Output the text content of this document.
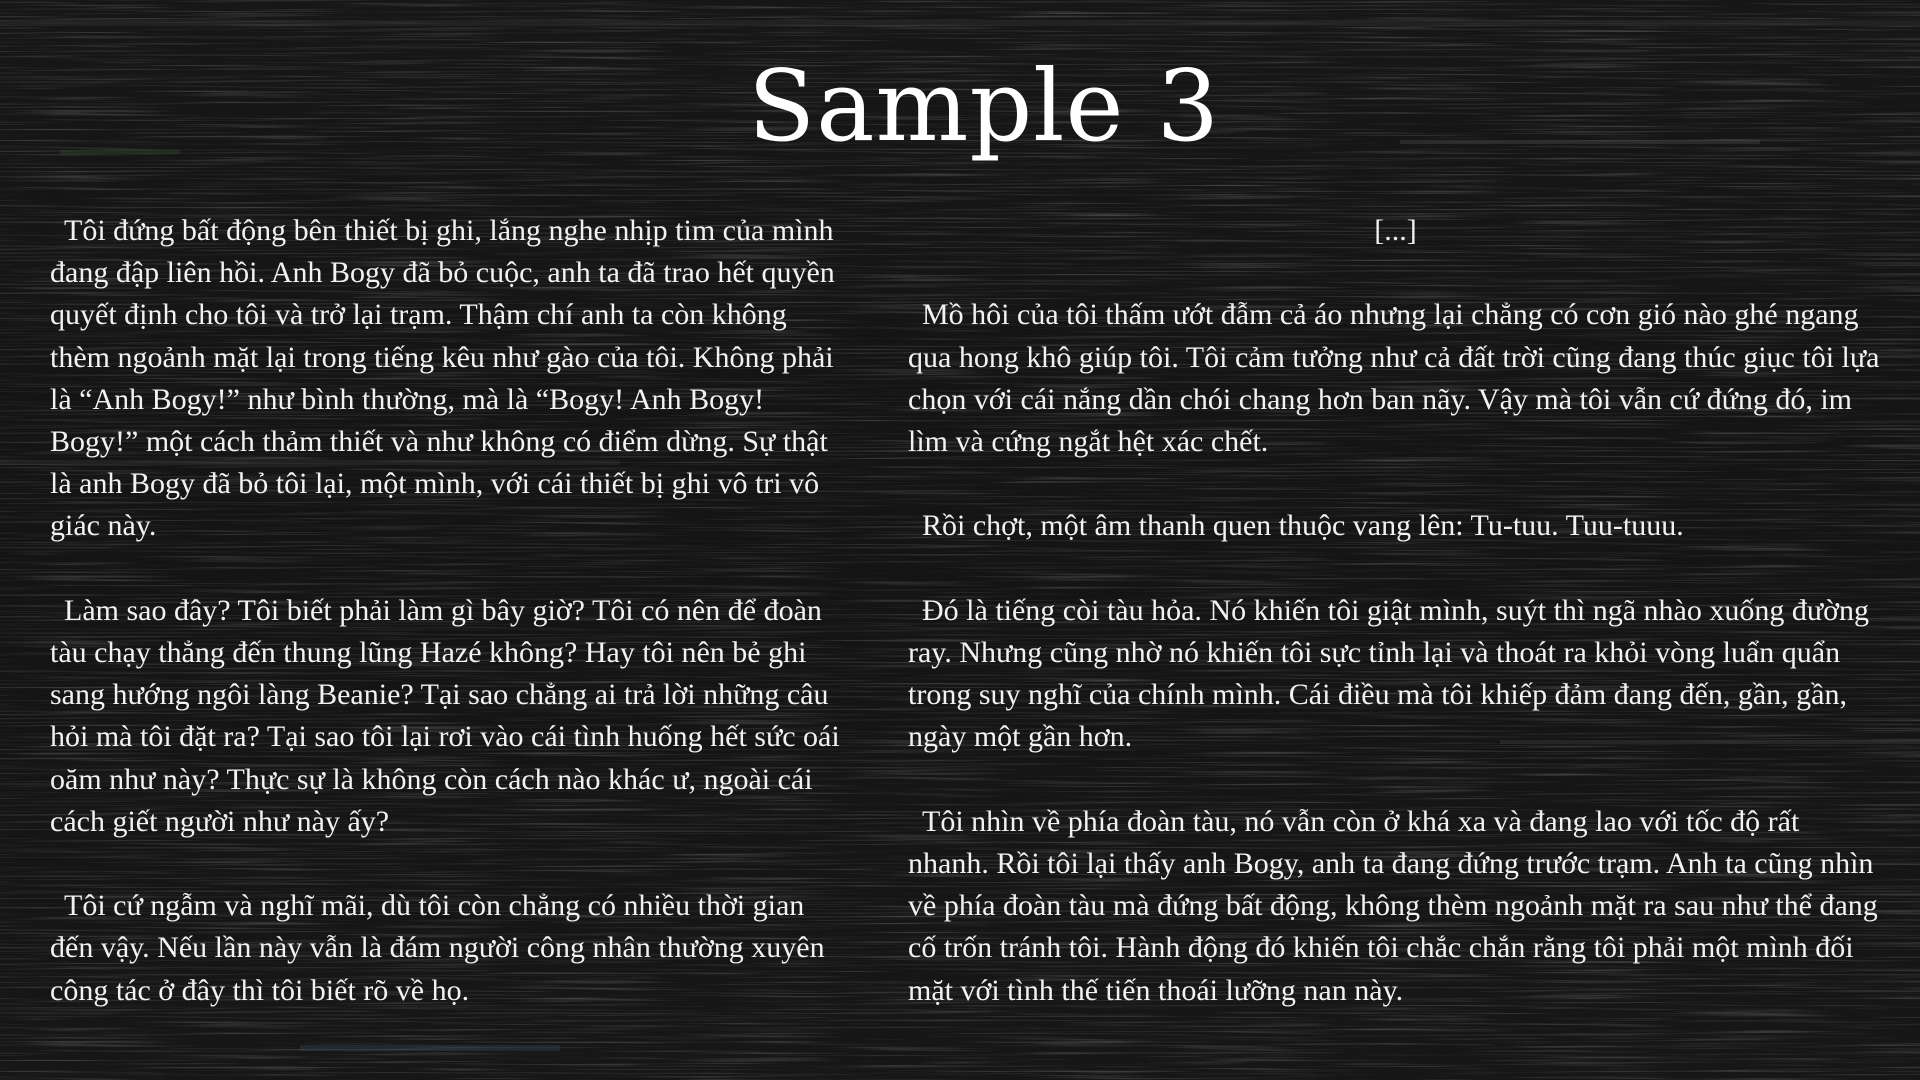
Sample 3

Tôi đứng bất động bên thiết bị ghi, lắng nghe nhịp tim của mình đang đập liên hồi. Anh Bogy đã bỏ cuộc, anh ta đã trao hết quyền quyết định cho tôi và trở lại trạm. Thậm chí anh ta còn không thèm ngoảnh mặt lại trong tiếng kêu như gào của tôi. Không phải là “Anh Bogy!” như bình thường, mà là “Bogy! Anh Bogy! Bogy!” một cách thảm thiết và như không có điểm dừng. Sự thật là anh Bogy đã bỏ tôi lại, một mình, với cái thiết bị ghi vô tri vô giác này.

Làm sao đây? Tôi biết phải làm gì bây giờ? Tôi có nên để đoàn tàu chạy thẳng đến thung lũng Hazé không? Hay tôi nên bẻ ghi sang hướng ngôi làng Beanie? Tại sao chẳng ai trả lời những câu hỏi mà tôi đặt ra? Tại sao tôi lại rơi vào cái tình huống hết sức oái oăm như này? Thực sự là không còn cách nào khác ư, ngoài cái cách giết người như này ấy?

Tôi cứ ngẫm và nghĩ mãi, dù tôi còn chẳng có nhiều thời gian đến vậy. Nếu lần này vẫn là đám người công nhân thường xuyên công tác ở đây thì tôi biết rõ về họ.

[...]

Mồ hôi của tôi thấm ướt đẫm cả áo nhưng lại chẳng có cơn gió nào ghé ngang qua hong khô giúp tôi. Tôi cảm tưởng như cả đất trời cũng đang thúc giục tôi lựa chọn với cái nắng dần chói chang hơn ban nãy. Vậy mà tôi vẫn cứ đứng đó, im lìm và cứng ngắt hệt xác chết.

Rồi chợt, một âm thanh quen thuộc vang lên: Tu-tuu. Tuu-tuuu.

Đó là tiếng còi tàu hỏa. Nó khiến tôi giật mình, suýt thì ngã nhào xuống đường ray. Nhưng cũng nhờ nó khiến tôi sực tỉnh lại và thoát ra khỏi vòng luẩn quẩn trong suy nghĩ của chính mình. Cái điều mà tôi khiếp đảm đang đến, gần, gần, ngày một gần hơn.

Tôi nhìn về phía đoàn tàu, nó vẫn còn ở khá xa và đang lao với tốc độ rất nhanh. Rồi tôi lại thấy anh Bogy, anh ta đang đứng trước trạm. Anh ta cũng nhìn về phía đoàn tàu mà đứng bất động, không thèm ngoảnh mặt ra sau như thể đang cố trốn tránh tôi. Hành động đó khiến tôi chắc chắn rằng tôi phải một mình đối mặt với tình thế tiến thoái lưỡng nan này.
